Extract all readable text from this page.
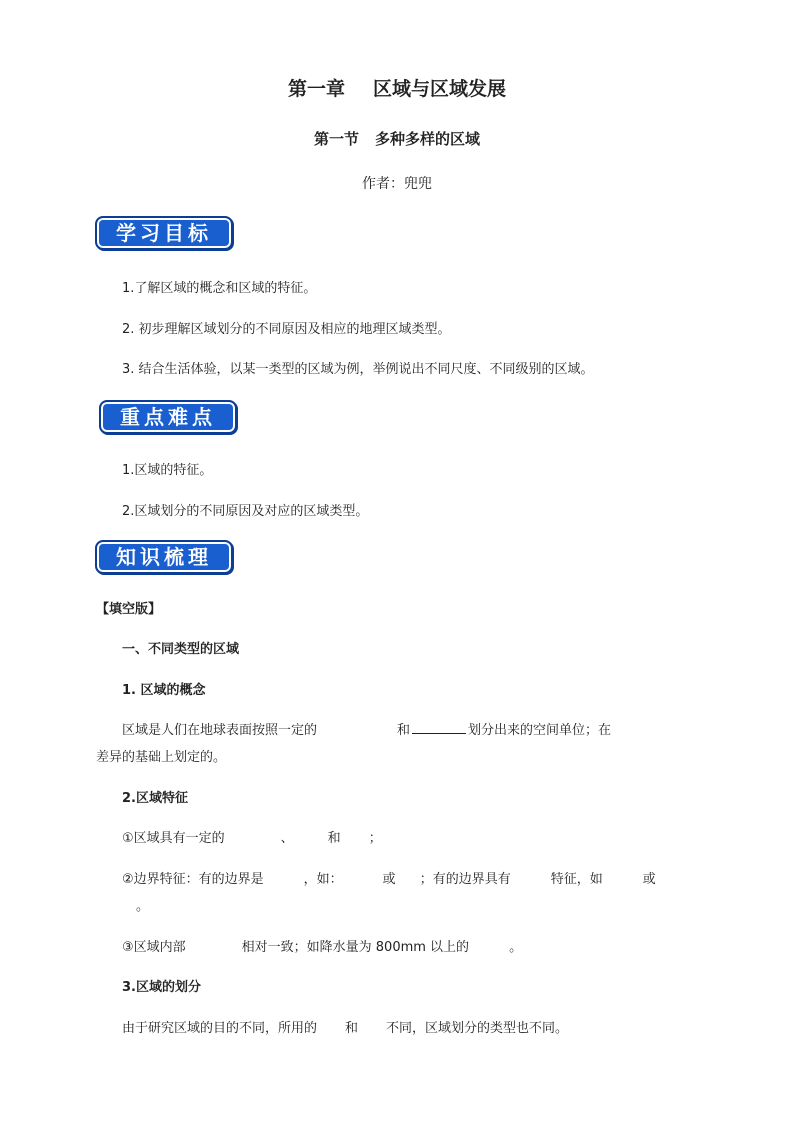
第一章 区域与区域发展
第一节 多种多样的区域
作者：兜兜
学习目标
1.了解区域的概念和区域的特征。
2. 初步理解区域划分的不同原因及相应的地理区域类型。
3. 结合生活体验，以某一类型的区域为例，举例说出不同尺度、不同级别的区域。
重点难点
1.区域的特征。
2.区域划分的不同原因及对应的区域类型。
知识梳理
【填空版】
一、不同类型的区域
1. 区域的概念
区域是人们在地球表面按照一定的	和	划分出来的空间单位；在
差异的基础上划定的。
2.区域特征
①区域具有一定的	、	和 ；
②边界特征：有的边界是	，如：	或 ；有的边界具有	特征，如	或
。
③区域内部	相对一致；如降水量为 800mm 以上的	。
3.区域的划分
由于研究区域的目的不同，所用的 和 不同，区域划分的类型也不同。
